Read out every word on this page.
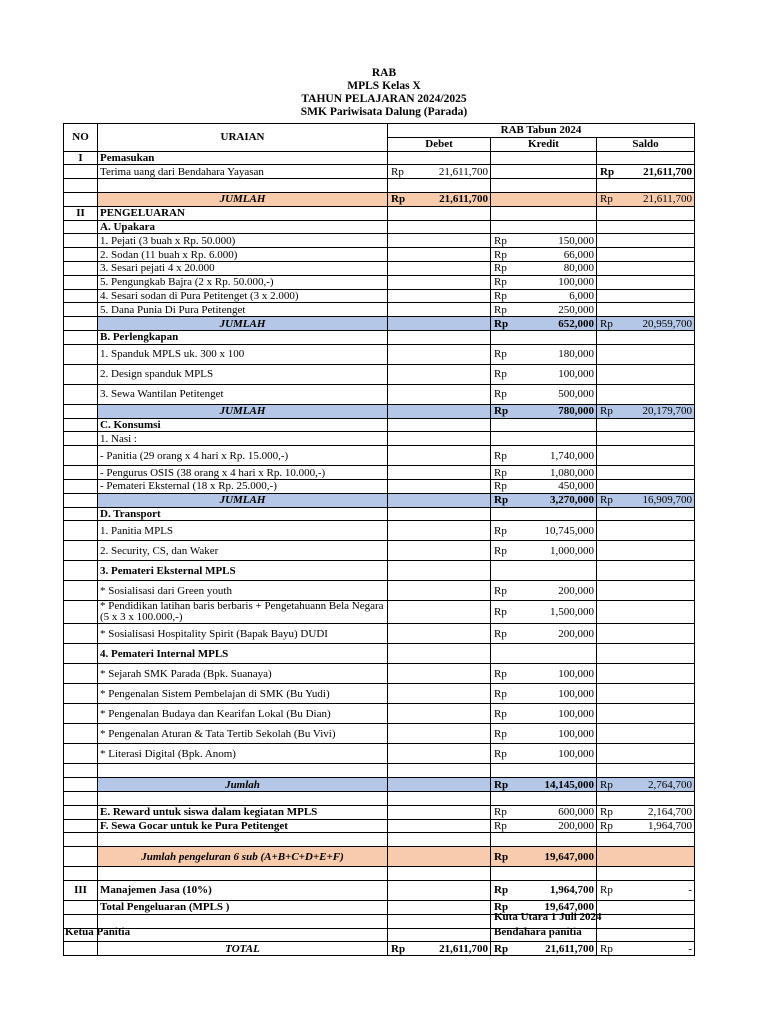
RAB
MPLS Kelas X
TAHUN PELAJARAN 2024/2025
SMK Pariwisata Dalung (Parada)
NO	URAIAN	RAB Tabun 2024		
		Debet	Kredit	Saldo
I	Pemasukan			
	Terima uang dari Bendahara Yayasan	Rp 21,611,700		Rp 21,611,700

	JUMLAH	Rp 21,611,700		Rp 21,611,700

II	PENGELUARAN			
	A. Upakara			
	1. Pejati (3 buah x Rp. 50.000)		Rp 150,000	

	2. Sodan (11 buah x Rp. 6.000)		Rp 66,000	

	3. Sesari pejati 4 x 20.000		Rp 80,000	

	5. Pengungkab Bajra (2 x Rp. 50.000,-)		Rp 100,000	

	4. Sesari sodan di Pura Petitenget (3 x 2.000)		Rp 6,000	

	5. Dana Punia Di Pura Petitenget		Rp 250,000	

	JUMLAH		Rp 652,000	Rp 20,959,700

	B. Perlengkapan			
	1. Spanduk MPLS uk. 300 x 100		Rp 180,000	

	2. Design spanduk MPLS		Rp 100,000	

	3. Sewa Wantilan Petitenget		Rp 500,000	

	JUMLAH		Rp 780,000	Rp 20,179,700

	C. Konsumsi			
	1. Nasi :			
	- Panitia (29 orang x 4 hari x Rp. 15.000,-)		Rp 1,740,000	

	- Pengurus OSIS (38 orang x 4 hari x Rp. 10.000,-)		Rp 1,080,000	

	- Pemateri Eksternal (18 x Rp. 25.000,-)		Rp 450,000	

	JUMLAH		Rp 3,270,000	Rp 16,909,700

	D. Transport			
	1. Panitia MPLS		Rp 10,745,000	

	2. Security, CS, dan Waker		Rp 1,000,000	

	3. Pemateri Eksternal MPLS			
	* Sosialisasi dari Green youth		Rp 200,000	

	* Pendidikan latihan baris berbaris + Pengetahuann Bela Negara (5 x 3 x 100.000,-)		Rp 1,500,000	

	* Sosialisasi Hospitality Spirit (Bapak Bayu) DUDI		Rp 200,000	

	4. Pemateri Internal MPLS			
	* Sejarah SMK Parada (Bpk. Suanaya)		Rp 100,000	

	* Pengenalan Sistem Pembelajan di SMK (Bu Yudi)		Rp 100,000	

	* Pengenalan Budaya dan Kearifan Lokal (Bu Dian)		Rp 100,000	

	* Pengenalan Aturan & Tata Tertib Sekolah (Bu Vivi)		Rp 100,000	

	* Literasi Digital (Bpk. Anom)		Rp 100,000	

	Jumlah		Rp 14,145,000	Rp 2,764,700

	E. Reward untuk siswa dalam kegiatan MPLS		Rp 600,000	Rp 2,164,700

	F. Sewa Gocar untuk ke Pura Petitenget		Rp 200,000	Rp 1,964,700

	Jumlah pengeluran 6 sub (A+B+C+D+E+F)		Rp 19,647,000	

III	Manajemen Jasa (10%)		Rp 1,964,700	Rp -

	Total Pengeluaran (MPLS )		Rp 19,647,000	

	TOTAL	Rp 21,611,700	Rp 21,611,700	Rp -
Kuta Utara 1 Juli 2024
Ketua Panitia	Bendahara panitia
